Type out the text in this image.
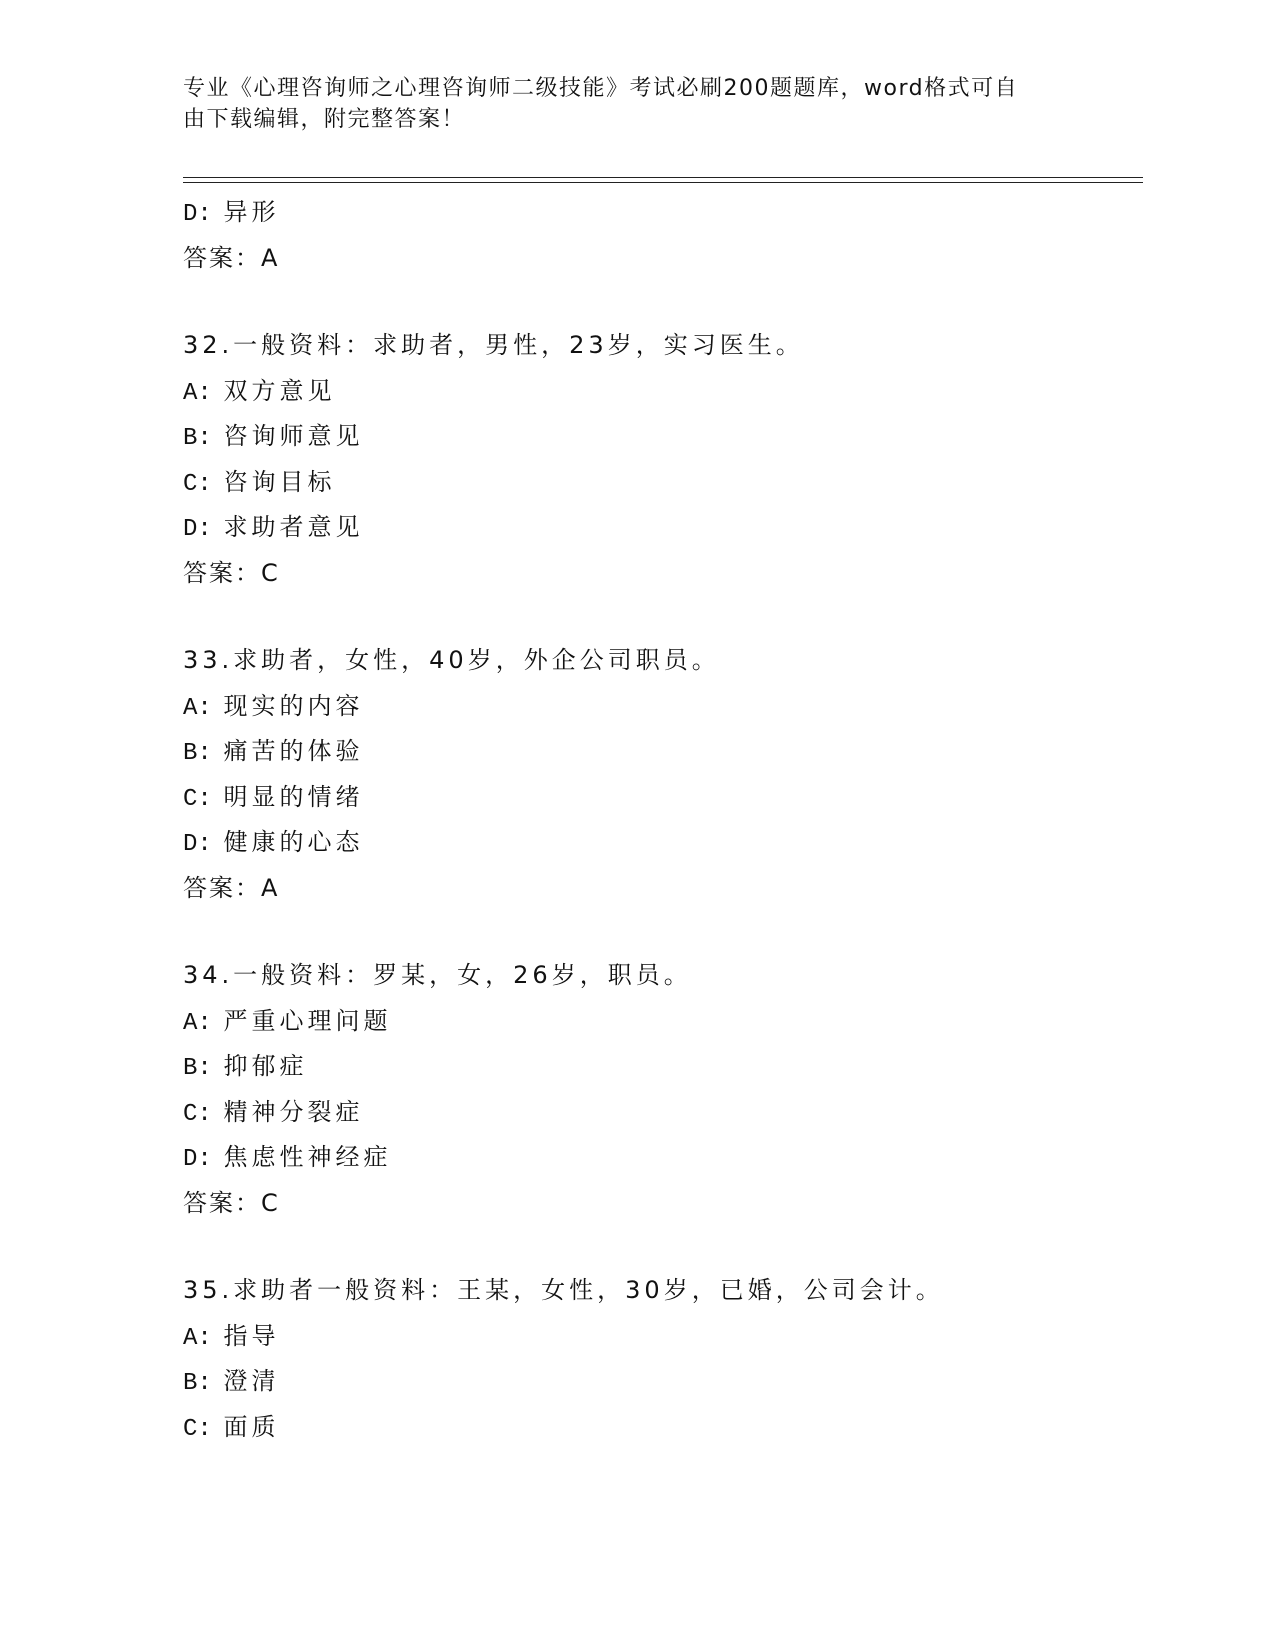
专业《心理咨询师之心理咨询师二级技能》考试必刷200题题库，word格式可自
由下载编辑，附完整答案！
D: 异形
答案：A
32.一般资料：求助者，男性，23岁，实习医生。
A: 双方意见
B: 咨询师意见
C: 咨询目标
D: 求助者意见
答案：C
33.求助者，女性，40岁，外企公司职员。
A: 现实的内容
B: 痛苦的体验
C: 明显的情绪
D: 健康的心态
答案：A
34.一般资料：罗某，女，26岁，职员。
A: 严重心理问题
B: 抑郁症
C: 精神分裂症
D: 焦虑性神经症
答案：C
35.求助者一般资料：王某，女性，30岁，已婚，公司会计。
A: 指导
B: 澄清
C: 面质
